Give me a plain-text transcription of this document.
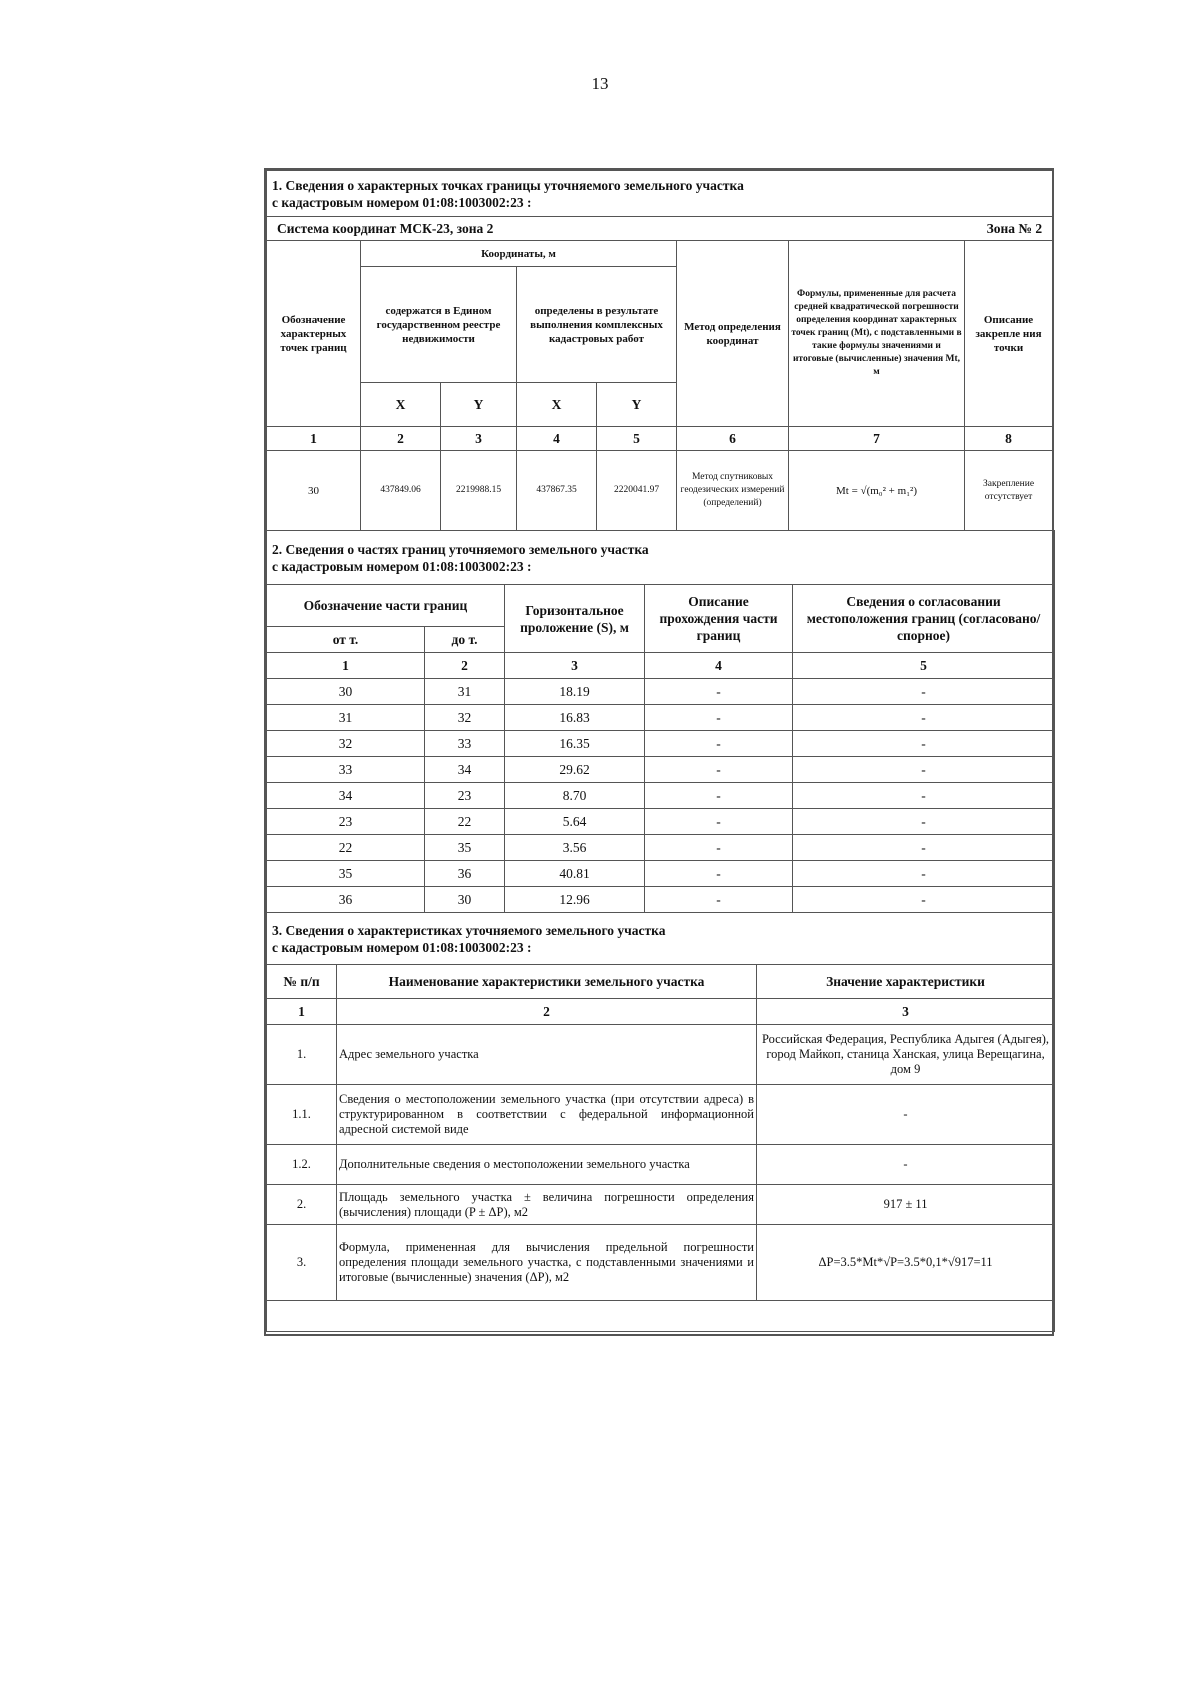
13
1. Сведения о характерных точках границы уточняемого земельного участка
с кадастровым номером 01:08:1003002:23 :							

Система координат МСК-23, зона 2						Зона № 2	
Обозначение характерных точек границ	Координаты, м				Метод определения координат	Формулы, примененные для расчета средней квадратической погрешности определения координат характерных точек границ (Mt), с подставленными в такие формулы значениями и итоговые (вычисленные) значения Mt, м	Описание закрепле ния точки
	содержатся в Едином государственном реестре недвижимости		определены в результате выполнения комплексных кадастровых работ				
	X	Y	X	Y			
1	2	3	4	5	6	7	8
30	437849.06	2219988.15	437867.35	2220041.97	Метод спутниковых геодезических измерений (определений)	Mt = √(m₀² + m₁²)	Закрепление отсутствует
2. Сведения о частях границ уточняемого земельного участка
с кадастровым номером 01:08:1003002:23 :				

Обозначение части границ		Горизонтальное проложение (S), м	Описание прохождения части границ	Сведения о согласовании местоположения границ (согласовано/спорное)
от т.	до т.			
1	2	3	4	5
30	31	18.19	-	-
31	32	16.83	-	-
32	33	16.35	-	-
33	34	29.62	-	-
34	23	8.70	-	-
23	22	5.64	-	-
22	35	3.56	-	-
35	36	40.81	-	-
36	30	12.96	-	-
3. Сведения о характеристиках уточняемого земельного участка
с кадастровым номером 01:08:1003002:23 :		

№ п/п	Наименование характеристики земельного участка	Значение характеристики
1	2	3
1.	Адрес земельного участка	Российская Федерация, Республика Адыгея (Адыгея), город Майкоп, станица Ханская, улица Верещагина, дом 9
1.1.	Сведения о местоположении земельного участка (при отсутствии адреса) в структурированном в соответствии с федеральной информационной адресной системой виде	-
1.2.	Дополнительные сведения о местоположении земельного участка	-
2.	Площадь земельного участка ± величина погрешности определения (вычисления) площади (P ± ΔP), м2	917 ± 11
3.	Формула, примененная для вычисления предельной погрешности определения площади земельного участка, с подставленными значениями и итоговые (вычисленные) значения (ΔP), м2	ΔP=3.5*Mt*√P=3.5*0,1*√917=11
